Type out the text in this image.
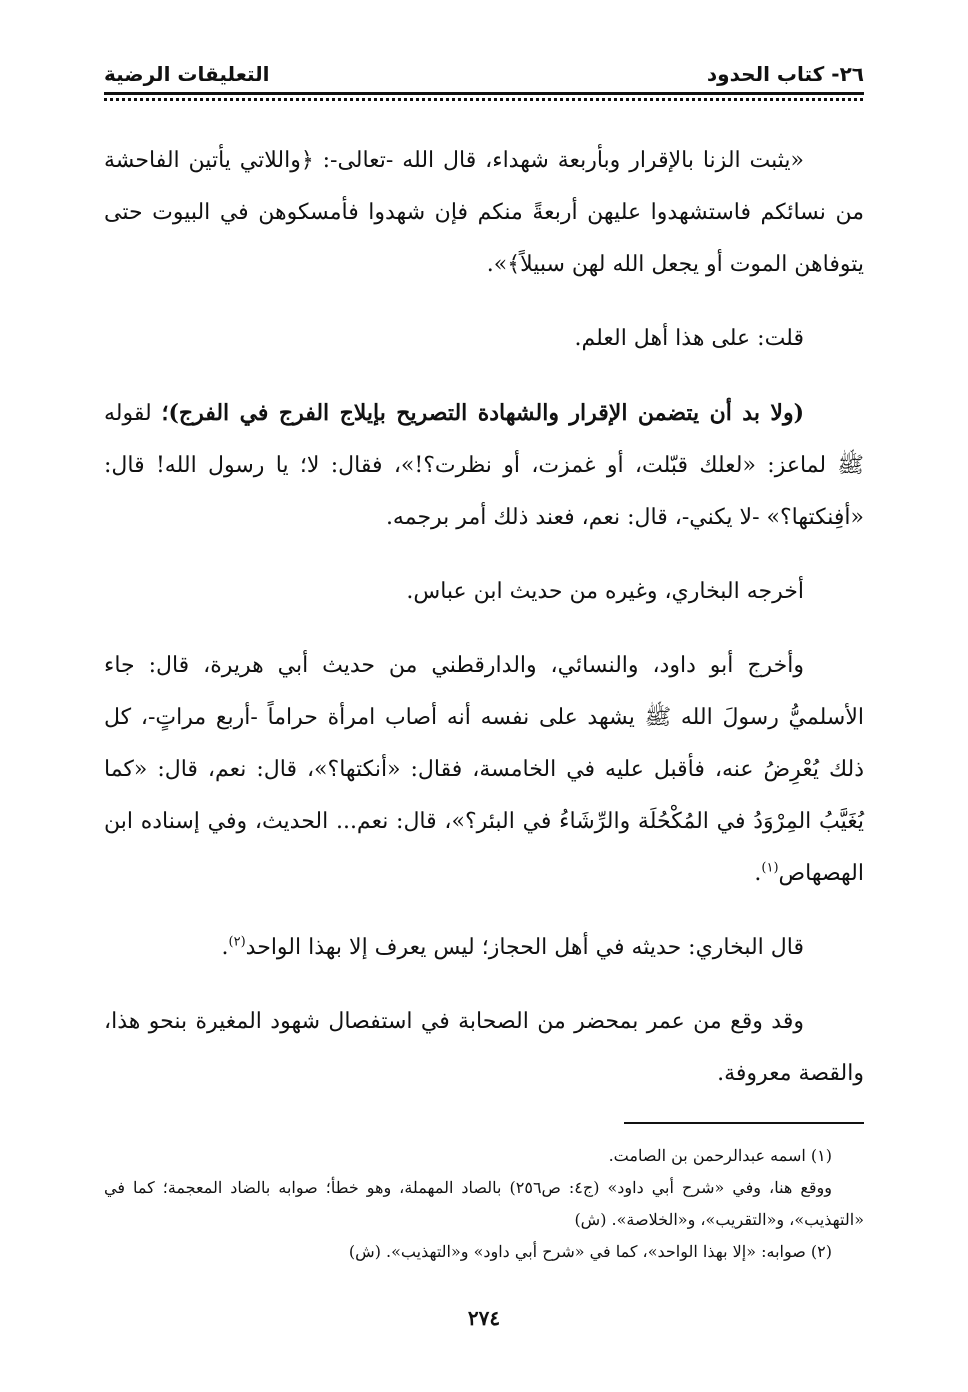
٢٦- كتاب الحدود
التعليقات الرضية

«يثبت الزنا بالإقرار وبأربعة شهداء، قال الله -تعالى-: ﴿واللاتي يأتين الفاحشة من نسائكم فاستشهدوا عليهن أربعةً منكم فإن شهدوا فأمسكوهن في البيوت حتى يتوفاهن الموت أو يجعل الله لهن سبيلاً﴾».

قلت: على هذا أهل العلم.

(ولا بد أن يتضمن الإقرار والشهادة التصريح بإيلاج الفرج في الفرج)؛ لقوله ﷺ لماعز: «لعلك قبّلت، أو غمزت، أو نظرت؟!»، فقال: لا؛ يا رسول الله! قال: «أفِنكتها؟» -لا يكني-، قال: نعم، فعند ذلك أمر برجمه.

أخرجه البخاري، وغيره من حديث ابن عباس.

وأخرج أبو داود، والنسائي، والدارقطني من حديث أبي هريرة، قال: جاء الأسلميُّ رسولَ الله ﷺ يشهد على نفسه أنه أصاب امرأة حراماً -أربع مراتٍ-، كل ذلك يُعْرِضُ عنه، فأقبل عليه في الخامسة، فقال: «أنكتها؟»، قال: نعم، قال: «كما يُغَيَّبُ المِرْوَدُ في المُكْحُلَة والرِّشَاءُ في البئر؟»، قال: نعم... الحديث، وفي إسناده ابن الهصهاص$^{(١)}$.

قال البخاري: حديثه في أهل الحجاز؛ ليس يعرف إلا بهذا الواحد$^{(٢)}$.

وقد وقع من عمر بمحضر من الصحابة في استفصال شهود المغيرة بنحو هذا، والقصة معروفة.

(١) اسمه عبدالرحمن بن الصامت.

ووقع هنا، وفي «شرح أبي داود» (ج٤: ص٢٥٦) بالصاد المهملة، وهو خطأ؛ صوابه بالضاد المعجمة؛ كما في «التهذيب»، و«التقريب»، و«الخلاصة». (ش)

(٢) صوابه: «إلا بهذا الواحد»، كما في «شرح أبي داود» و«التهذيب». (ش)

٢٧٤
